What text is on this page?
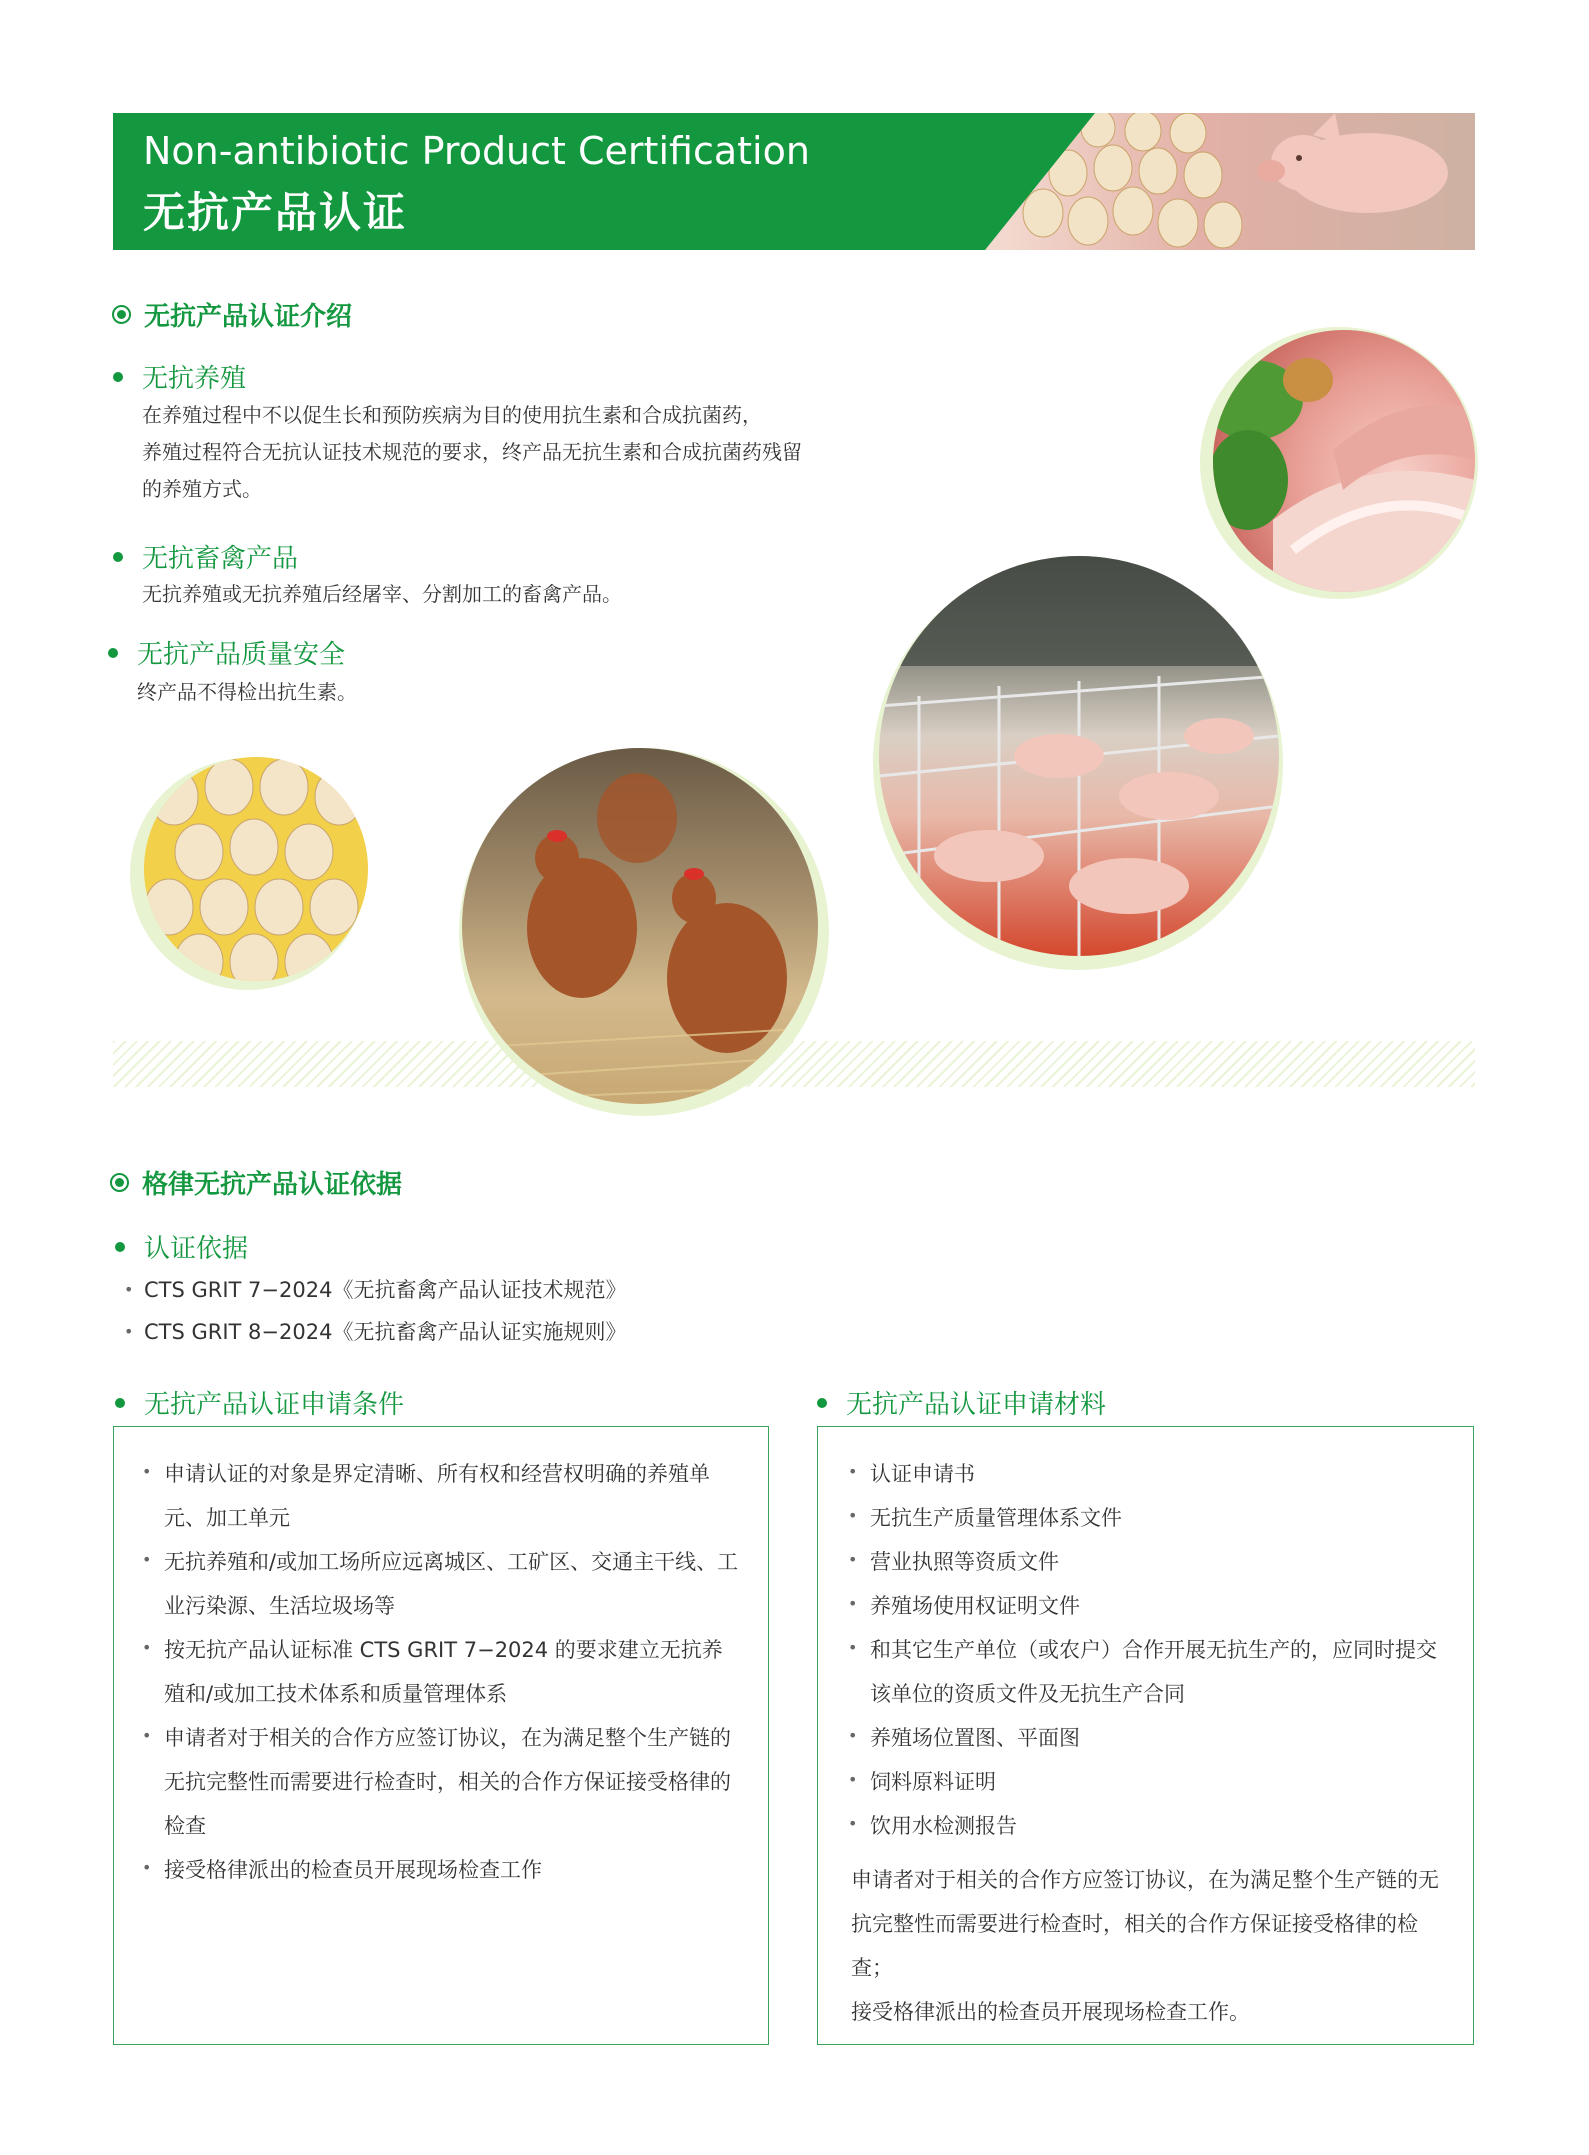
Non-antibiotic Product Certification
无抗产品认证
无抗产品认证介绍
无抗养殖
在养殖过程中不以促生长和预防疾病为目的使用抗生素和合成抗菌药，
养殖过程符合无抗认证技术规范的要求，终产品无抗生素和合成抗菌药残留
的养殖方式。
无抗畜禽产品
无抗养殖或无抗养殖后经屠宰、分割加工的畜禽产品。
无抗产品质量安全
终产品不得检出抗生素。
格律无抗产品认证依据
认证依据
• CTS GRIT 7−2024《无抗畜禽产品认证技术规范》
• CTS GRIT 8−2024《无抗畜禽产品认证实施规则》
无抗产品认证申请条件
• 申请认证的对象是界定清晰、所有权和经营权明确的养殖单元、加工单元
• 无抗养殖和/或加工场所应远离城区、工矿区、交通主干线、工业污染源、生活垃圾场等
• 按无抗产品认证标准 CTS GRIT 7−2024 的要求建立无抗养殖和/或加工技术体系和质量管理体系
• 申请者对于相关的合作方应签订协议，在为满足整个生产链的无抗完整性而需要进行检查时，相关的合作方保证接受格律的检查
• 接受格律派出的检查员开展现场检查工作
无抗产品认证申请材料
• 认证申请书
• 无抗生产质量管理体系文件
• 营业执照等资质文件
• 养殖场使用权证明文件
• 和其它生产单位（或农户）合作开展无抗生产的，应同时提交该单位的资质文件及无抗生产合同
• 养殖场位置图、平面图
• 饲料原料证明
• 饮用水检测报告
申请者对于相关的合作方应签订协议，在为满足整个生产链的无抗完整性而需要进行检查时，相关的合作方保证接受格律的检查；
接受格律派出的检查员开展现场检查工作。
